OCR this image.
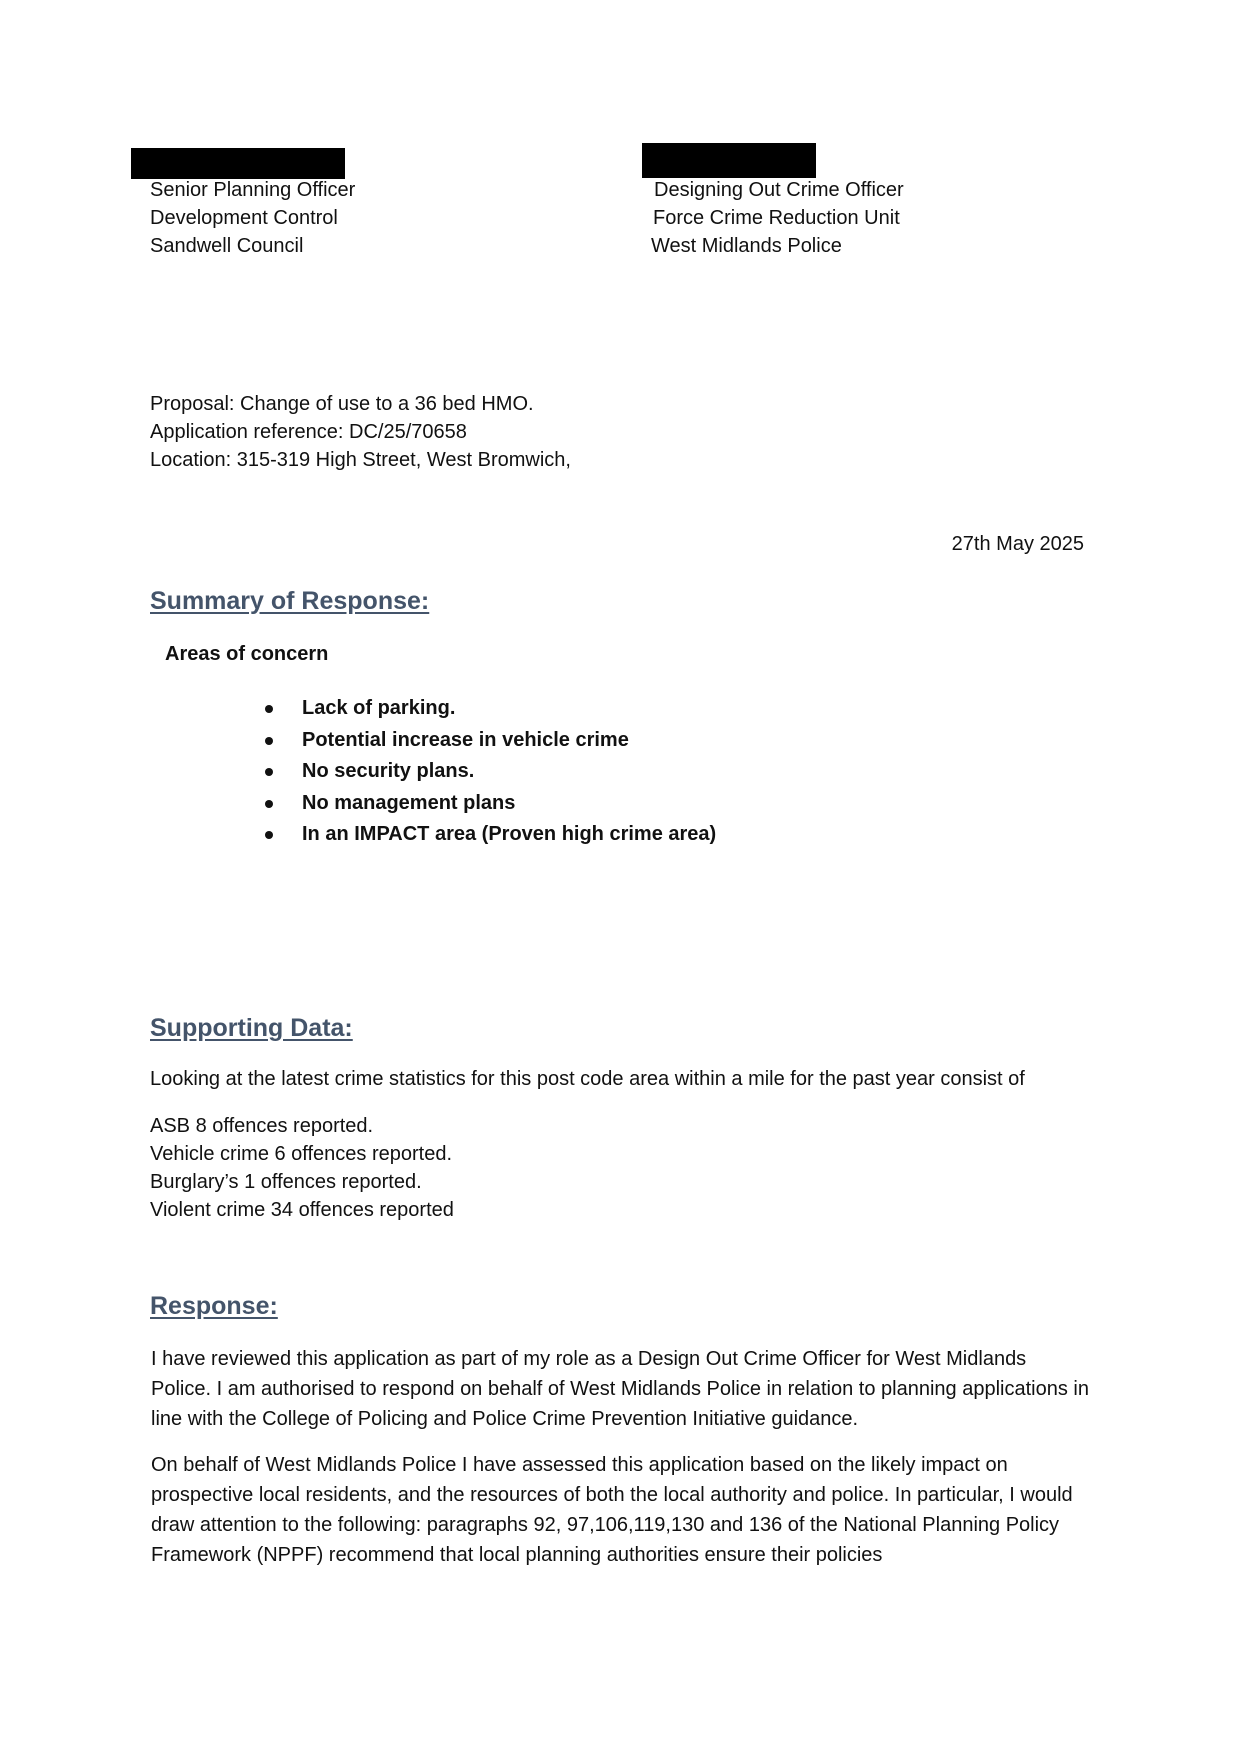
Senior Planning Officer
Development Control
Sandwell Council
Designing Out Crime Officer
Force Crime Reduction Unit
West Midlands Police
Proposal: Change of use to a 36 bed HMO.
Application reference: DC/25/70658
Location: 315-319 High Street, West Bromwich,
27th May 2025
Summary of Response:
Areas of concern
Lack of parking.
Potential increase in vehicle crime
No security plans.
No management plans
In an IMPACT area (Proven high crime area)
Supporting Data:
Looking at the latest crime statistics for this post code area within a mile for the past year consist of
ASB 8 offences reported.
Vehicle crime 6 offences reported.
Burglary’s 1 offences reported.
Violent crime 34 offences reported
Response:
I have reviewed this application as part of my role as a Design Out Crime Officer for West Midlands Police. I am authorised to respond on behalf of West Midlands Police in relation to planning applications in line with the College of Policing and Police Crime Prevention Initiative guidance.
On behalf of West Midlands Police I have assessed this application based on the likely impact on prospective local residents, and the resources of both the local authority and police. In particular, I would draw attention to the following: paragraphs 92, 97,106,119,130 and 136 of the National Planning Policy Framework (NPPF) recommend that local planning authorities ensure their policies
